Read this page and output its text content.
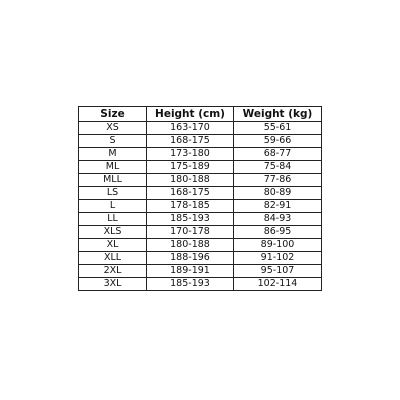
Size	Height (cm)	Weight (kg)
XS	163-170	55-61
S	168-175	59-66
M	173-180	68-77
ML	175-189	75-84
MLL	180-188	77-86
LS	168-175	80-89
L	178-185	82-91
LL	185-193	84-93
XLS	170-178	86-95
XL	180-188	89-100
XLL	188-196	91-102
2XL	189-191	95-107
3XL	185-193	102-114
